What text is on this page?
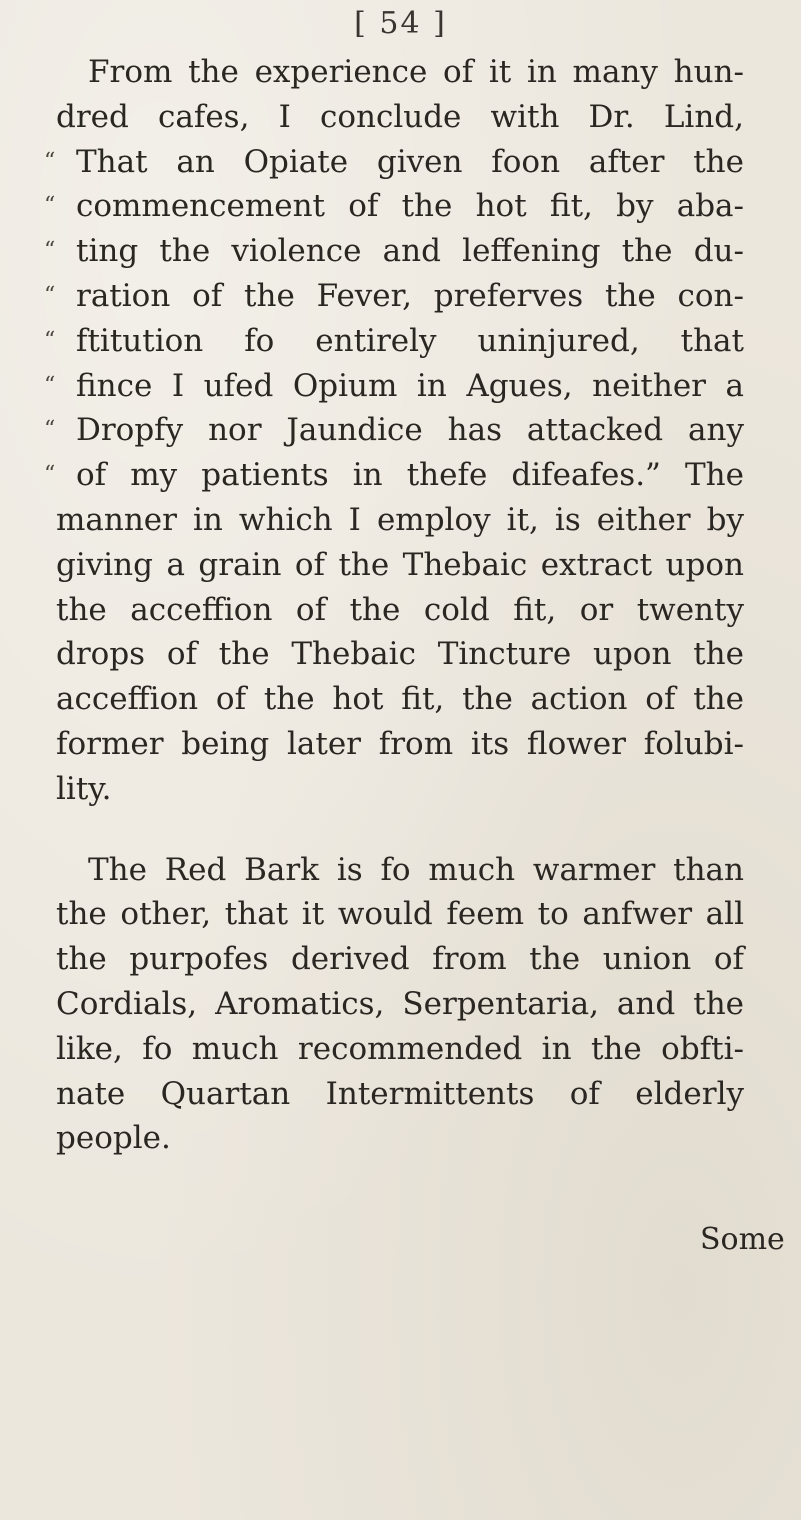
[ 54 ]
From the experience of it in many hun-
dred cafes, I conclude with Dr. Lind,
“ That an Opiate given foon after the
“ commencement of the hot fit, by aba-
“ ting the violence and leffening the du-
“ ration of the Fever, preferves the con-
“ ftitution fo entirely uninjured, that
“ fince I ufed Opium in Agues, neither a
“ Dropfy nor Jaundice has attacked any
“ of my patients in thefe difeafes.” The
manner in which I employ it, is either by
giving a grain of the Thebaic extract upon
the acceffion of the cold fit, or twenty
drops of the Thebaic Tincture upon the
acceffion of the hot fit, the action of the
former being later from its flower folubi-
lity.
The Red Bark is fo much warmer than
the other, that it would feem to anfwer all
the purpofes derived from the union of
Cordials, Aromatics, Serpentaria, and the
like, fo much recommended in the obfti-
nate Quartan Intermittents of elderly
people.
Some
